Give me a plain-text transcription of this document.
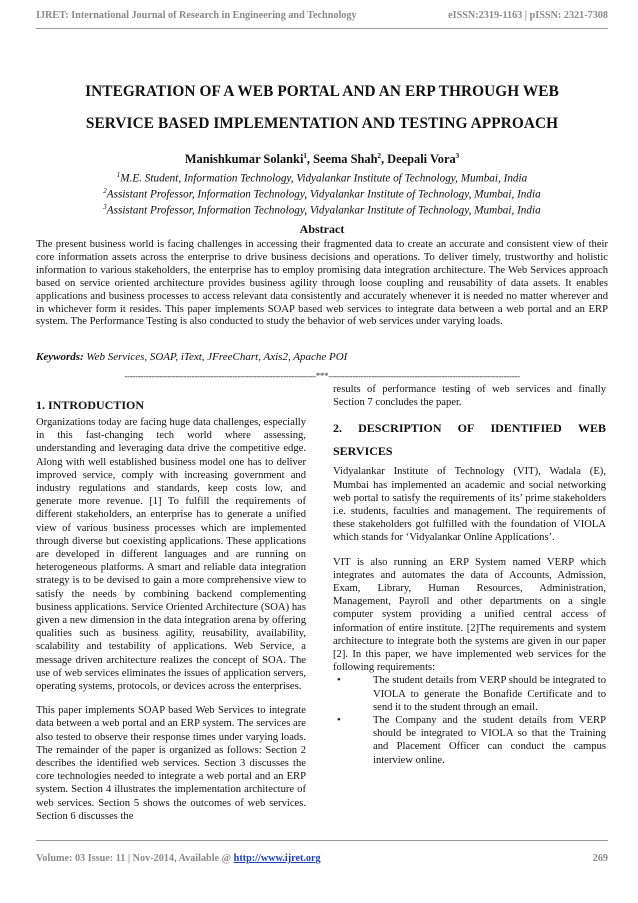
IJRET: International Journal of Research in Engineering and Technology	eISSN:2319-1163 | pISSN: 2321-7308
INTEGRATION OF A WEB PORTAL AND AN ERP THROUGH WEB
SERVICE BASED IMPLEMENTATION AND TESTING APPROACH
Manishkumar Solanki$^1$, Seema Shah$^2$, Deepali Vora$^3$
$^1$M.E. Student, Information Technology, Vidyalankar Institute of Technology, Mumbai, India
$^2$Assistant Professor, Information Technology, Vidyalankar Institute of Technology, Mumbai, India
$^3$Assistant Professor, Information Technology, Vidyalankar Institute of Technology, Mumbai, India
Abstract
The present business world is facing challenges in accessing their fragmented data to create an accurate and consistent view of their core information assets across the enterprise to drive business decisions and operations. To deliver timely, trustworthy and holistic information to various stakeholders, the enterprise has to employ promising data integration architecture. The Web Services approach based on service oriented architecture provides business agility through loose coupling and reusability of data assets. It enables applications and business processes to access relevant data consistently and accurately whenever it is needed no matter wherever and in whichever form it resides. This paper implements SOAP based web services to integrate data between a web portal and an ERP system. The Performance Testing is also conducted to study the behavior of web services under varying loads.
Keywords: Web Services, SOAP, iText, JFreeChart, Axis2, Apache POI
-----------------------------------------------------------------------***-----------------------------------------------------------------------
1. INTRODUCTION

Organizations today are facing huge data challenges, especially in this fast-changing tech world where assessing, understanding and leveraging data drive the competitive edge. Along with well established business model one has to deliver improved service, comply with increasing government and industry regulations and standards, keep costs low, and generate more revenue. [1] To fulfill the requirements of different stakeholders, an enterprise has to generate a unified view of various business processes which are implemented through diverse but coexisting applications. These applications are developed in different languages and are running on heterogeneous platforms. A smart and reliable data integration strategy is to be devised to gain a more comprehensive view to satisfy the needs by combining backend complementing business applications. Service Oriented Architecture (SOA) has given a new dimension in the data integration arena by offering qualities such as business agility, reusability, availability, scalability and testability of applications. Web Service, a message driven architecture realizes the concept of SOA. The use of web services eliminates the issues of application servers, operating systems, protocols, or devices across the enterprises.

This paper implements SOAP based Web Services to integrate data between a web portal and an ERP system. The services are also tested to observe their response times under varying loads. The remainder of the paper is organized as follows: Section 2 describes the identified web services. Section 3 discusses the core technologies needed to integrate a web portal and an ERP system. Section 4 illustrates the implementation architecture of web services. Section 5 shows the outcomes of web services. Section 6 discusses the

results of performance testing of web services and finally Section 7 concludes the paper.

2. DESCRIPTION OF IDENTIFIED WEB
SERVICES

Vidyalankar Institute of Technology (VIT), Wadala (E), Mumbai has implemented an academic and social networking web portal to satisfy the requirements of its’ prime stakeholders i.e. students, faculties and management. The requirements of these stakeholders got fulfilled with the foundation of VIOLA which stands for ‘Vidyalankar Online Applications’.

VIT is also running an ERP System named VERP which integrates and automates the data of Accounts, Admission, Exam, Library, Human Resources, Administration, Management, Payroll and other departments on a single computer system providing a unified central access of information of entire institute. [2]The requirements and system architecture to integrate both the systems are given in our paper [2]. In this paper, we have implemented web services for the following requirements:

•	The student details from VERP should be integrated to VIOLA to generate the Bonafide Certificate and to send it to the student through an email.
•	The Company and the student details from VERP should be integrated to VIOLA so that the Training and Placement Officer can conduct the campus interview online.
Volume: 03 Issue: 11 | Nov-2014, Available @ http://www.ijret.org	269
